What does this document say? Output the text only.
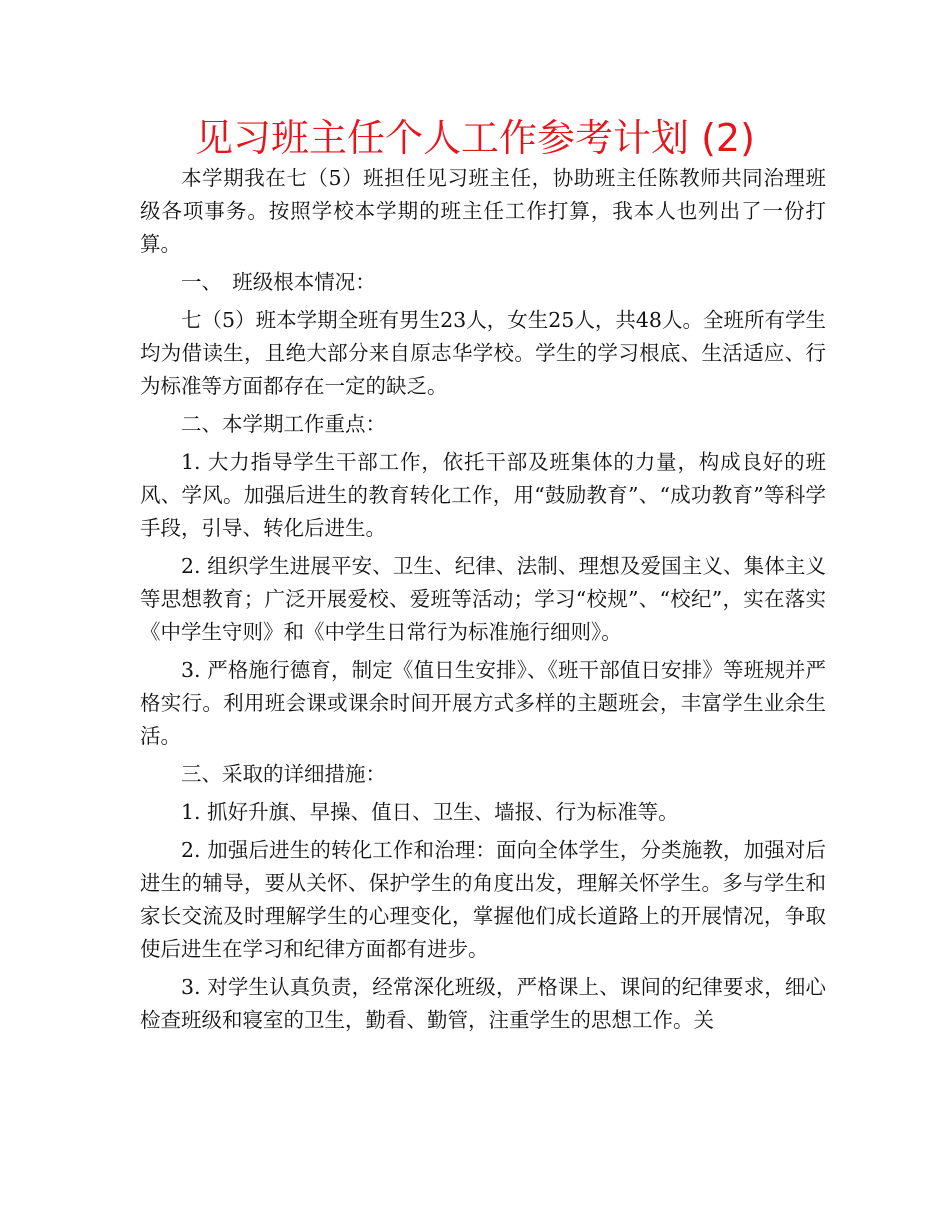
见习班主任个人工作参考计划 (2)

本学期我在七（5）班担任见习班主任，协助班主任陈教师共同治理班级各项事务。按照学校本学期的班主任工作打算，我本人也列出了一份打算。

一、　班级根本情况：

七（5）班本学期全班有男生23人，女生25人，共48人。全班所有学生均为借读生，且绝大部分来自原志华学校。学生的学习根底、生活适应、行为标准等方面都存在一定的缺乏。

二、本学期工作重点：

1. 大力指导学生干部工作，依托干部及班集体的力量，构成良好的班风、学风。加强后进生的教育转化工作，用“鼓励教育”、“成功教育”等科学手段，引导、转化后进生。

2. 组织学生进展平安、卫生、纪律、法制、理想及爱国主义、集体主义等思想教育；广泛开展爱校、爱班等活动；学习“校规”、“校纪”，实在落实《中学生守则》和《中学生日常行为标准施行细则》。

3. 严格施行德育，制定《值日生安排》、《班干部值日安排》等班规并严格实行。利用班会课或课余时间开展方式多样的主题班会，丰富学生业余生活。

三、采取的详细措施：

1. 抓好升旗、早操、值日、卫生、墙报、行为标准等。

2. 加强后进生的转化工作和治理：面向全体学生，分类施教，加强对后进生的辅导，要从关怀、保护学生的角度出发，理解关怀学生。多与学生和家长交流及时理解学生的心理变化，掌握他们成长道路上的开展情况，争取使后进生在学习和纪律方面都有进步。

3. 对学生认真负责，经常深化班级，严格课上、课间的纪律要求，细心检查班级和寝室的卫生，勤看、勤管，注重学生的思想工作。关
